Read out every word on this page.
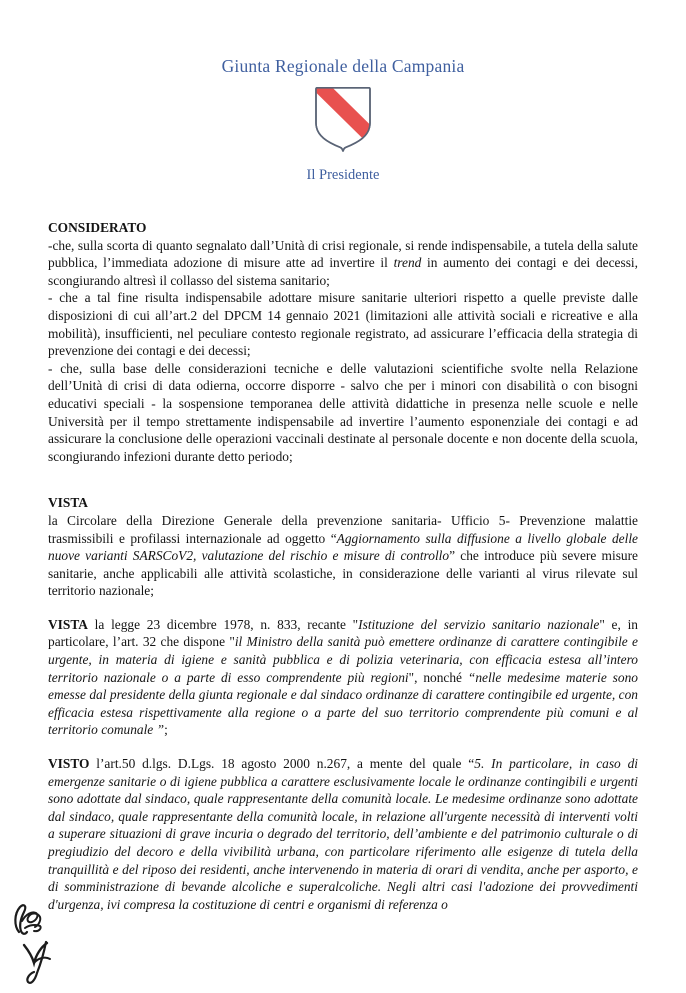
Giunta Regionale della Campania
Il Presidente

CONSIDERATO

-che, sulla scorta di quanto segnalato dall’Unità di crisi regionale, si rende indispensabile, a tutela della salute pubblica, l’immediata adozione di misure atte ad invertire il trend in aumento dei contagi e dei decessi, scongiurando altresì il collasso del sistema sanitario;

- che a tal fine risulta indispensabile adottare misure sanitarie ulteriori rispetto a quelle previste dalle disposizioni di cui all’art.2 del DPCM 14 gennaio 2021 (limitazioni alle attività sociali e ricreative e alla mobilità), insufficienti, nel peculiare contesto regionale registrato, ad assicurare l’efficacia della strategia di prevenzione dei contagi e dei decessi;

- che, sulla base delle considerazioni tecniche e delle valutazioni scientifiche svolte nella Relazione dell’Unità di crisi di data odierna, occorre disporre - salvo che per i minori con disabilità o con bisogni educativi speciali - la sospensione temporanea delle attività didattiche in presenza nelle scuole e nelle Università per il tempo strettamente indispensabile ad invertire l’aumento esponenziale dei contagi e ad assicurare la conclusione delle operazioni vaccinali destinate al personale docente e non docente della scuola, scongiurando infezioni durante detto periodo;

VISTA

la Circolare della Direzione Generale della prevenzione sanitaria- Ufficio 5- Prevenzione malattie trasmissibili e profilassi internazionale ad oggetto “Aggiornamento sulla diffusione a livello globale delle nuove varianti SARSCoV2, valutazione del rischio e misure di controllo” che introduce più severe misure sanitarie, anche applicabili alle attività scolastiche, in considerazione delle varianti al virus rilevate sul territorio nazionale;

VISTA la legge 23 dicembre 1978, n. 833, recante "Istituzione del servizio sanitario nazionale" e, in particolare, l’art. 32 che dispone "il Ministro della sanità può emettere ordinanze di carattere contingibile e urgente, in materia di igiene e sanità pubblica e di polizia veterinaria, con efficacia estesa all’intero territorio nazionale o a parte di esso comprendente più regioni", nonché “nelle medesime materie sono emesse dal presidente della giunta regionale e dal sindaco ordinanze di carattere contingibile ed urgente, con efficacia estesa rispettivamente alla regione o a parte del suo territorio comprendente più comuni e al territorio comunale ”;

VISTO l’art.50 d.lgs. D.Lgs. 18 agosto 2000 n.267, a mente del quale “5. In particolare, in caso di emergenze sanitarie o di igiene pubblica a carattere esclusivamente locale le ordinanze contingibili e urgenti sono adottate dal sindaco, quale rappresentante della comunità locale. Le medesime ordinanze sono adottate dal sindaco, quale rappresentante della comunità locale, in relazione all'urgente necessità di interventi volti a superare situazioni di grave incuria o degrado del territorio, dell’ambiente e del patrimonio culturale o di pregiudizio del decoro e della vivibilità urbana, con particolare riferimento alle esigenze di tutela della tranquillità e del riposo dei residenti, anche intervenendo in materia di orari di vendita, anche per asporto, e di somministrazione di bevande alcoliche e superalcoliche. Negli altri casi l'adozione dei provvedimenti d'urgenza, ivi compresa la costituzione di centri e organismi di referenza o
